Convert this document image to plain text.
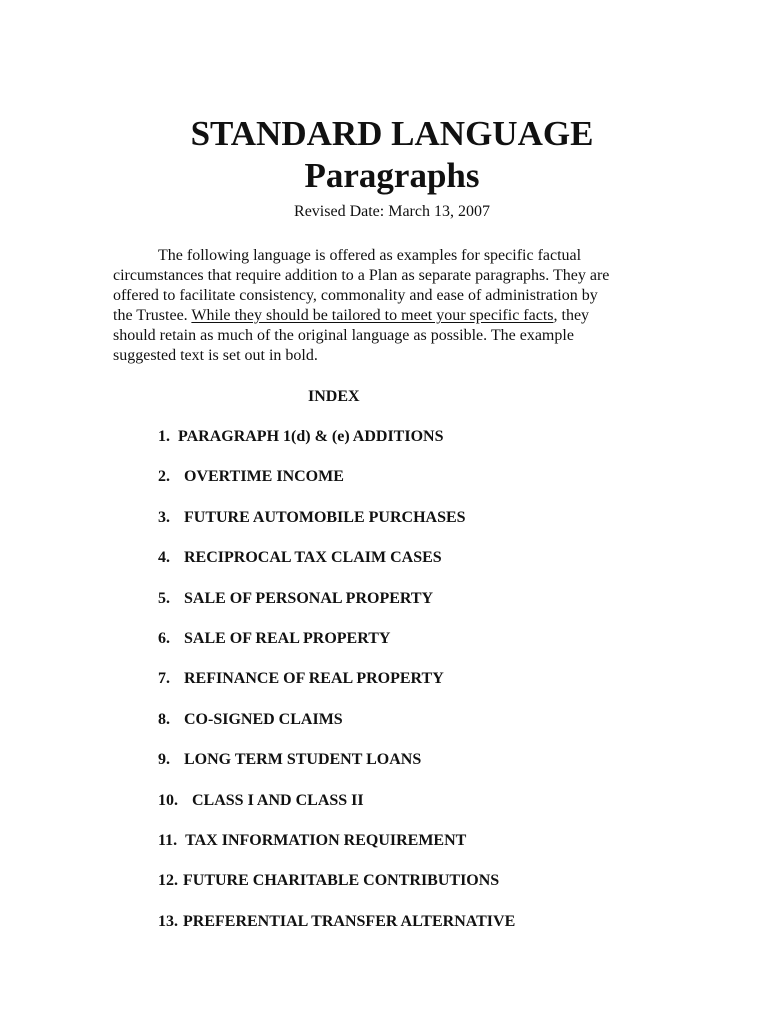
STANDARD LANGUAGE
Paragraphs
Revised Date: March 13, 2007

The following language is offered as examples for specific factual
circumstances that require addition to a Plan as separate paragraphs. They are
offered to facilitate consistency, commonality and ease of administration by
the Trustee. While they should be tailored to meet your specific facts, they
should retain as much of the original language as possible. The example
suggested text is set out in bold.

INDEX
1. PARAGRAPH 1(d) & (e) ADDITIONS
2. OVERTIME INCOME
3. FUTURE AUTOMOBILE PURCHASES
4. RECIPROCAL TAX CLAIM CASES
5. SALE OF PERSONAL PROPERTY
6. SALE OF REAL PROPERTY
7. REFINANCE OF REAL PROPERTY
8. CO-SIGNED CLAIMS
9. LONG TERM STUDENT LOANS
10. CLASS I AND CLASS II
11. TAX INFORMATION REQUIREMENT
12. FUTURE CHARITABLE CONTRIBUTIONS
13. PREFERENTIAL TRANSFER ALTERNATIVE
